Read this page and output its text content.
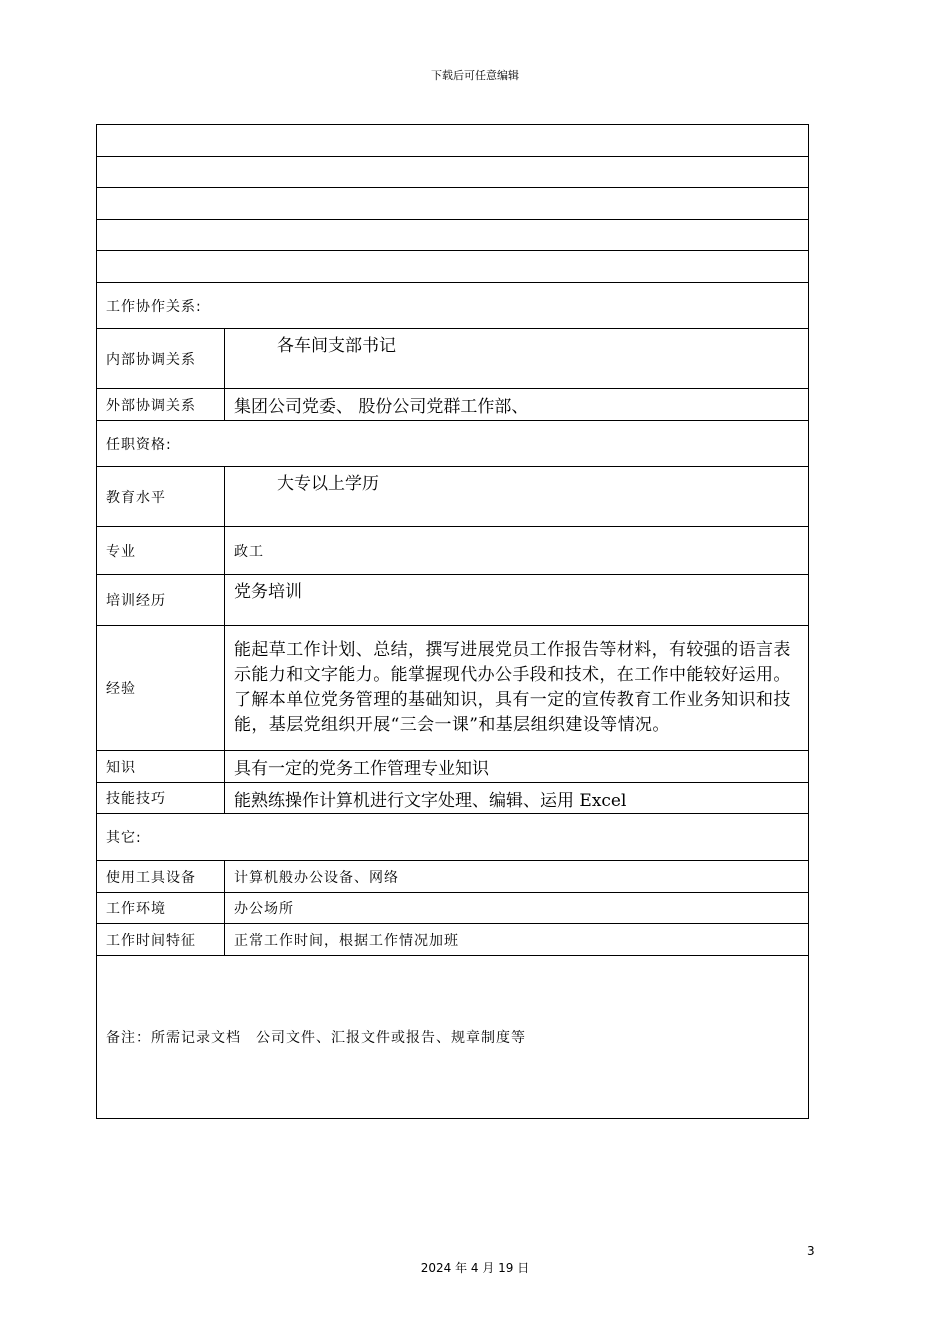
下载后可任意编辑

工作协作关系:	
内部协调关系	各车间支部书记
外部协调关系	集团公司党委、 股份公司党群工作部、
任职资格:	
教育水平	大专以上学历
专业	政工
培训经历	党务培训
经验	能起草工作计划、总结，撰写进展党员工作报告等材料，有较强的语言表示能力和文字能力。能掌握现代办公手段和技术，在工作中能较好运用。了解本单位党务管理的基础知识，具有一定的宣传教育工作业务知识和技能，基层党组织开展“三会一课”和基层组织建设等情况。
知识	具有一定的党务工作管理专业知识
技能技巧	能熟练操作计算机进行文字处理、编辑、运用 Excel
其它:	
使用工具设备	计算机般办公设备、网络
工作环境	办公场所
工作时间特征	正常工作时间，根据工作情况加班
备注：所需记录文档　公司文件、汇报文件或报告、规章制度等	
3
2024 年 4 月 19 日
